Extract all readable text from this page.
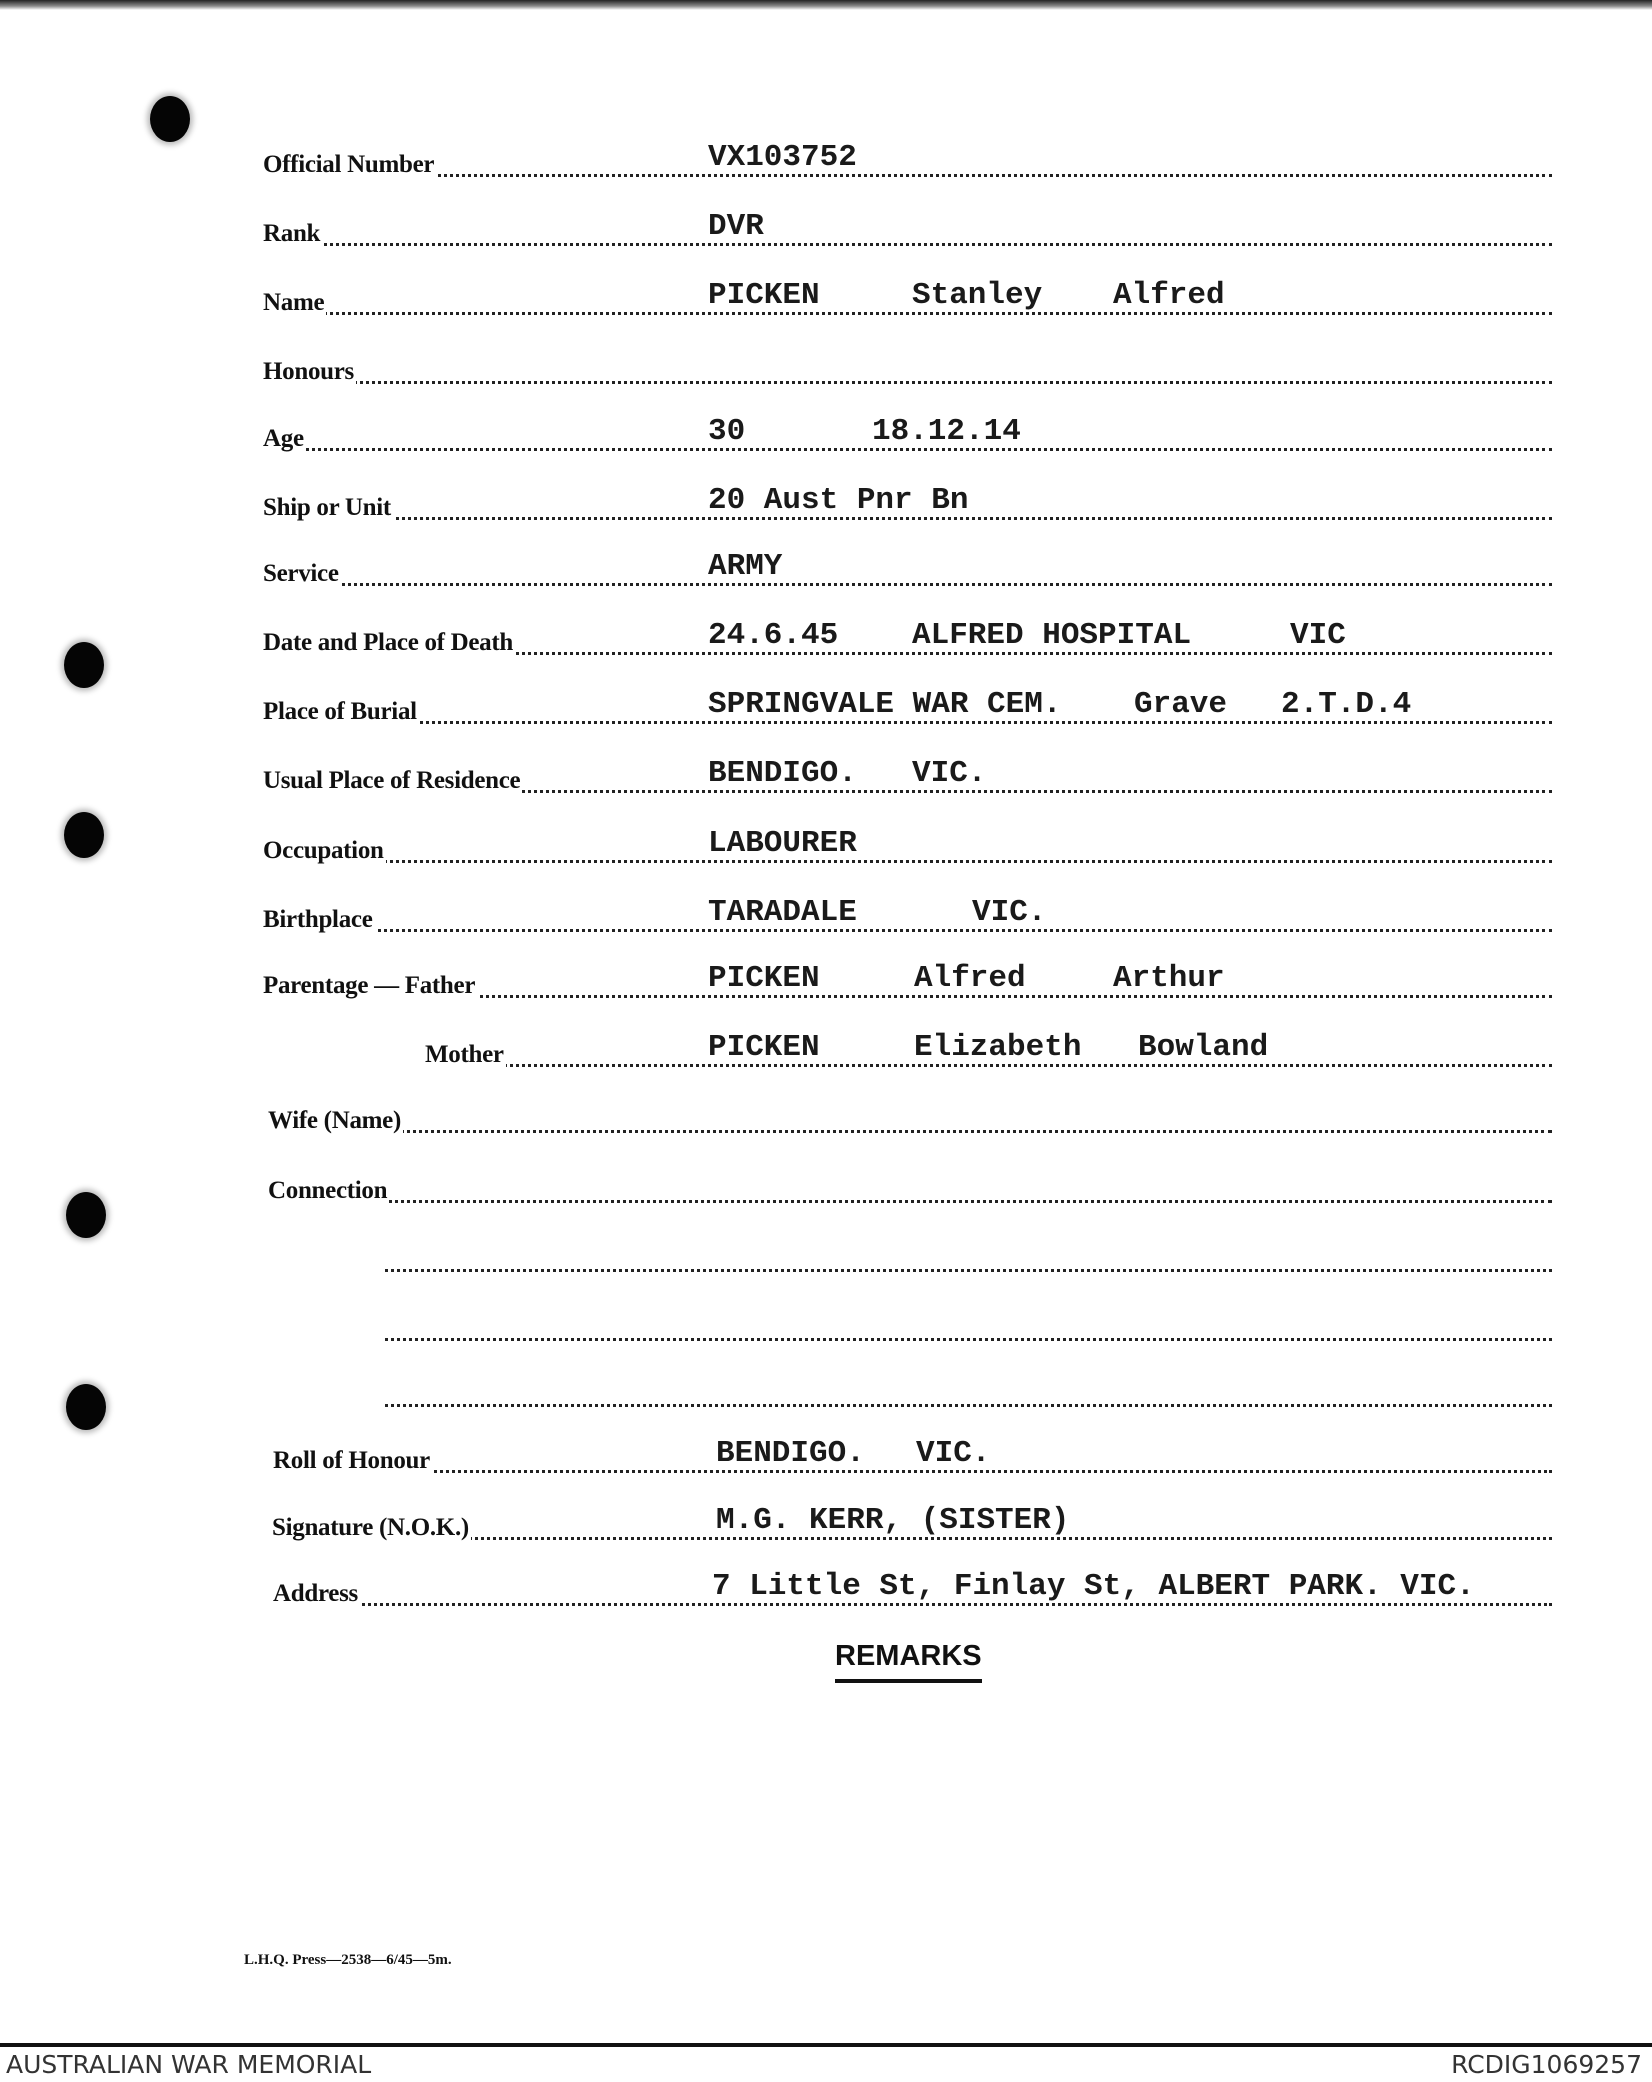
Official Number	VX103752
Rank	DVR
Name	PICKEN	Stanley Alfred
Honours
Age	30	18.12.14
Ship or Unit	20 Aust Pnr Bn
Service	ARMY
Date and Place of Death	24.6.45 ALFRED HOSPITAL	VIC
Place of Burial	SPRINGVALE WAR CEM. Grave 2.T.D.4
Usual Place of Residence	BENDIGO. VIC.
Occupation	LABOURER
Birthplace	TARADALE	VIC.
Parentage — Father	PICKEN	Alfred	Arthur
Mother	PICKEN	Elizabeth Bowland
Wife (Name)
Connection
Roll of Honour	BENDIGO. VIC.
Signature (N.O.K.)	M.G. KERR, (SISTER)
Address	7 Little St, Finlay St, ALBERT PARK. VIC.
REMARKS
L.H.Q. Press—2538—6/45—5m.
AUSTRALIAN WAR MEMORIAL	RCDIG1069257
